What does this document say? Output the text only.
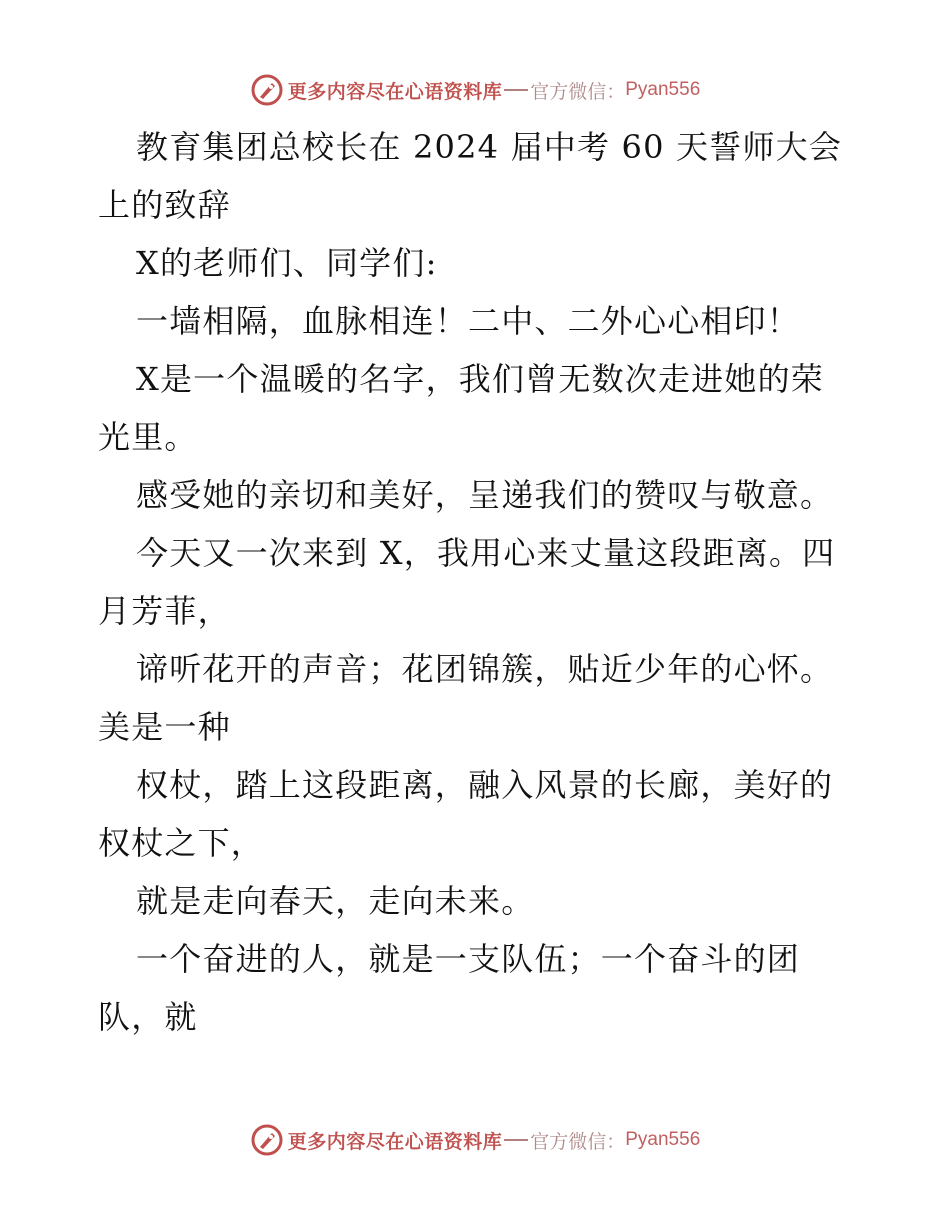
更多内容尽在心语资料库 官方微信： Pyan556
教育集团总校长在 2024 届中考 60 天誓师大会
上的致辞
X的老师们、同学们:
一墙相隔，血脉相连！二中、二外心心相印！
X是一个温暖的名字，我们曾无数次走进她的荣
光里。
感受她的亲切和美好，呈递我们的赞叹与敬意。
今天又一次来到 X，我用心来丈量这段距离。四
月芳菲，
谛听花开的声音；花团锦簇，贴近少年的心怀。
美是一种
权杖，踏上这段距离，融入风景的长廊，美好的
权杖之下，
就是走向春天，走向未来。
一个奋进的人，就是一支队伍；一个奋斗的团
队，就
更多内容尽在心语资料库 官方微信： Pyan556
